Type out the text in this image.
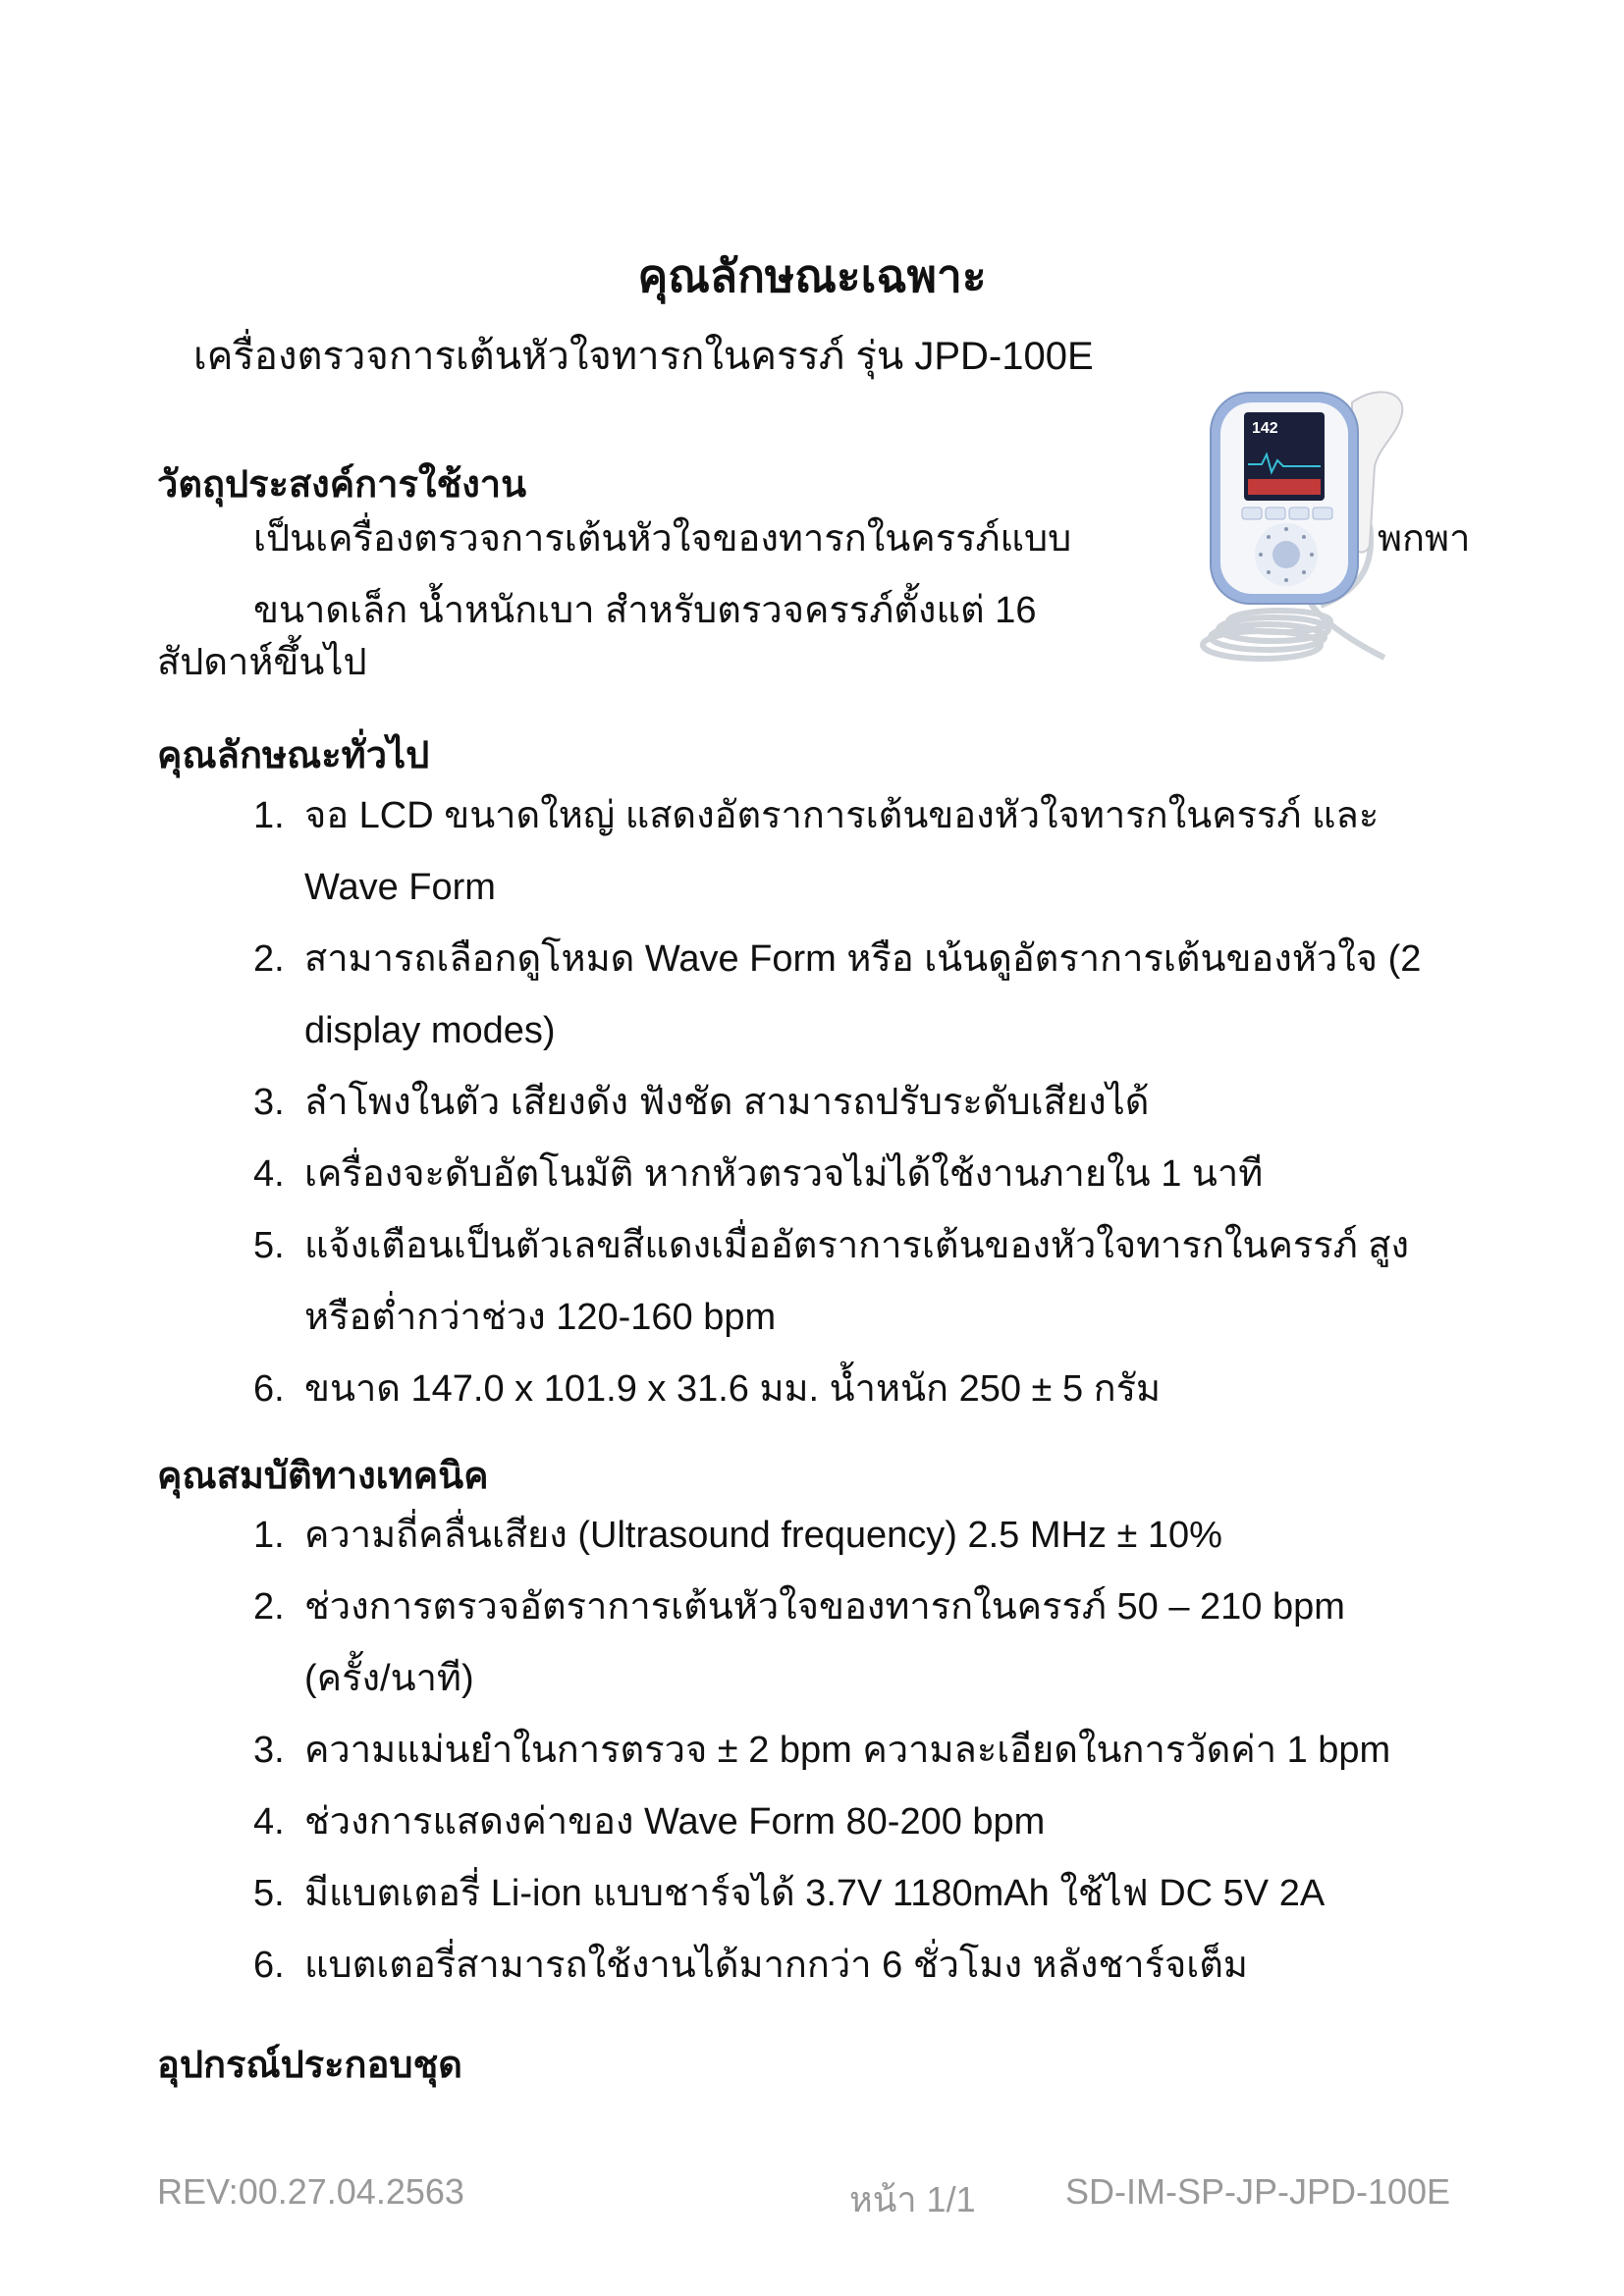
คุณลักษณะเฉพาะ
เครื่องตรวจการเต้นหัวใจทารกในครรภ์ รุ่น JPD-100E
วัตถุประสงค์การใช้งาน
เป็นเครื่องตรวจการเต้นหัวใจของทารกในครรภ์แบบ	พกพา
ขนาดเล็ก น้ำหนักเบา สำหรับตรวจครรภ์ตั้งแต่ 16
สัปดาห์ขึ้นไป
142
คุณลักษณะทั่วไป
1. จอ LCD ขนาดใหญ่ แสดงอัตราการเต้นของหัวใจทารกในครรภ์ และ
Wave Form
2. สามารถเลือกดูโหมด Wave Form หรือ เน้นดูอัตราการเต้นของหัวใจ (2
display modes)
3. ลำโพงในตัว เสียงดัง ฟังชัด สามารถปรับระดับเสียงได้
4. เครื่องจะดับอัตโนมัติ หากหัวตรวจไม่ได้ใช้งานภายใน 1 นาที
5. แจ้งเตือนเป็นตัวเลขสีแดงเมื่ออัตราการเต้นของหัวใจทารกในครรภ์ สูง
หรือต่ำกว่าช่วง 120-160 bpm
6. ขนาด 147.0 x 101.9 x 31.6 มม. น้ำหนัก 250 ± 5 กรัม
คุณสมบัติทางเทคนิค
1. ความถี่คลื่นเสียง (Ultrasound frequency) 2.5 MHz ± 10%
2. ช่วงการตรวจอัตราการเต้นหัวใจของทารกในครรภ์ 50 – 210 bpm
(ครั้ง/นาที)
3. ความแม่นยำในการตรวจ ± 2 bpm ความละเอียดในการวัดค่า 1 bpm
4. ช่วงการแสดงค่าของ Wave Form 80-200 bpm
5. มีแบตเตอรี่ Li-ion แบบชาร์จได้ 3.7V 1180mAh ใช้ไฟ DC 5V 2A
6. แบตเตอรี่สามารถใช้งานได้มากกว่า 6 ชั่วโมง หลังชาร์จเต็ม
อุปกรณ์ประกอบชุด
REV:00.27.04.2563	หน้า 1/1	SD-IM-SP-JP-JPD-100E
